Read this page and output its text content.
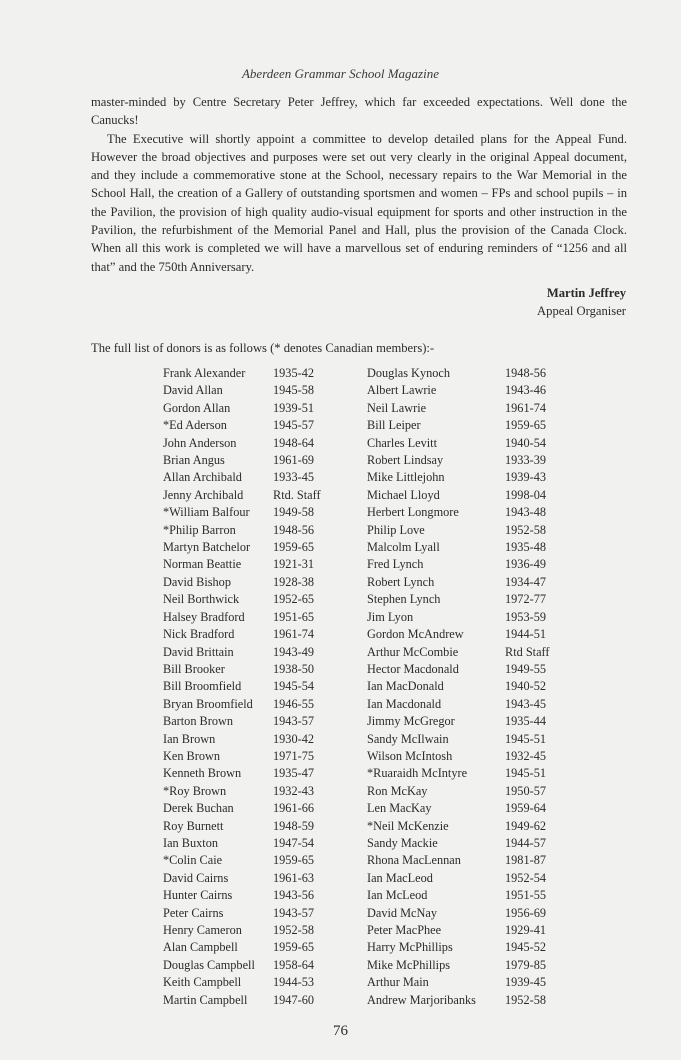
Aberdeen Grammar School Magazine

master-minded by Centre Secretary Peter Jeffrey, which far exceeded expectations. Well done the Canucks!

The Executive will shortly appoint a committee to develop detailed plans for the Appeal Fund. However the broad objectives and purposes were set out very clearly in the original Appeal document, and they include a commemorative stone at the School, necessary repairs to the War Memorial in the School Hall, the creation of a Gallery of outstanding sportsmen and women – FPs and school pupils – in the Pavilion, the provision of high quality audio-visual equipment for sports and other instruction in the Pavilion, the refurbishment of the Memorial Panel and Hall, plus the provision of the Canada Clock. When all this work is completed we will have a marvellous set of enduring reminders of “1256 and all that” and the 750th Anniversary.

Martin Jeffrey
Appeal Organiser
The full list of donors is as follows (* denotes Canadian members):-
Frank Alexander	1935-42	Douglas Kynoch	1948-56
David Allan	1945-58	Albert Lawrie	1943-46
Gordon Allan	1939-51	Neil Lawrie	1961-74
*Ed Aderson	1945-57	Bill Leiper	1959-65
John Anderson	1948-64	Charles Levitt	1940-54
Brian Angus	1961-69	Robert Lindsay	1933-39
Allan Archibald	1933-45	Mike Littlejohn	1939-43
Jenny Archibald	Rtd. Staff	Michael Lloyd	1998-04
*William Balfour	1949-58	Herbert Longmore	1943-48
*Philip Barron	1948-56	Philip Love	1952-58
Martyn Batchelor	1959-65	Malcolm Lyall	1935-48
Norman Beattie	1921-31	Fred Lynch	1936-49
David Bishop	1928-38	Robert Lynch	1934-47
Neil Borthwick	1952-65	Stephen Lynch	1972-77
Halsey Bradford	1951-65	Jim Lyon	1953-59
Nick Bradford	1961-74	Gordon McAndrew	1944-51
David Brittain	1943-49	Arthur McCombie	Rtd Staff
Bill Brooker	1938-50	Hector Macdonald	1949-55
Bill Broomfield	1945-54	Ian MacDonald	1940-52
Bryan Broomfield	1946-55	Ian Macdonald	1943-45
Barton Brown	1943-57	Jimmy McGregor	1935-44
Ian Brown	1930-42	Sandy McIlwain	1945-51
Ken Brown	1971-75	Wilson McIntosh	1932-45
Kenneth Brown	1935-47	*Ruaraidh McIntyre	1945-51
*Roy Brown	1932-43	Ron McKay	1950-57
Derek Buchan	1961-66	Len MacKay	1959-64
Roy Burnett	1948-59	*Neil McKenzie	1949-62
Ian Buxton	1947-54	Sandy Mackie	1944-57
*Colin Caie	1959-65	Rhona MacLennan	1981-87
David Cairns	1961-63	Ian MacLeod	1952-54
Hunter Cairns	1943-56	Ian McLeod	1951-55
Peter Cairns	1943-57	David McNay	1956-69
Henry Cameron	1952-58	Peter MacPhee	1929-41
Alan Campbell	1959-65	Harry McPhillips	1945-52
Douglas Campbell	1958-64	Mike McPhillips	1979-85
Keith Campbell	1944-53	Arthur Main	1939-45
Martin Campbell	1947-60	Andrew Marjoribanks	1952-58
76
